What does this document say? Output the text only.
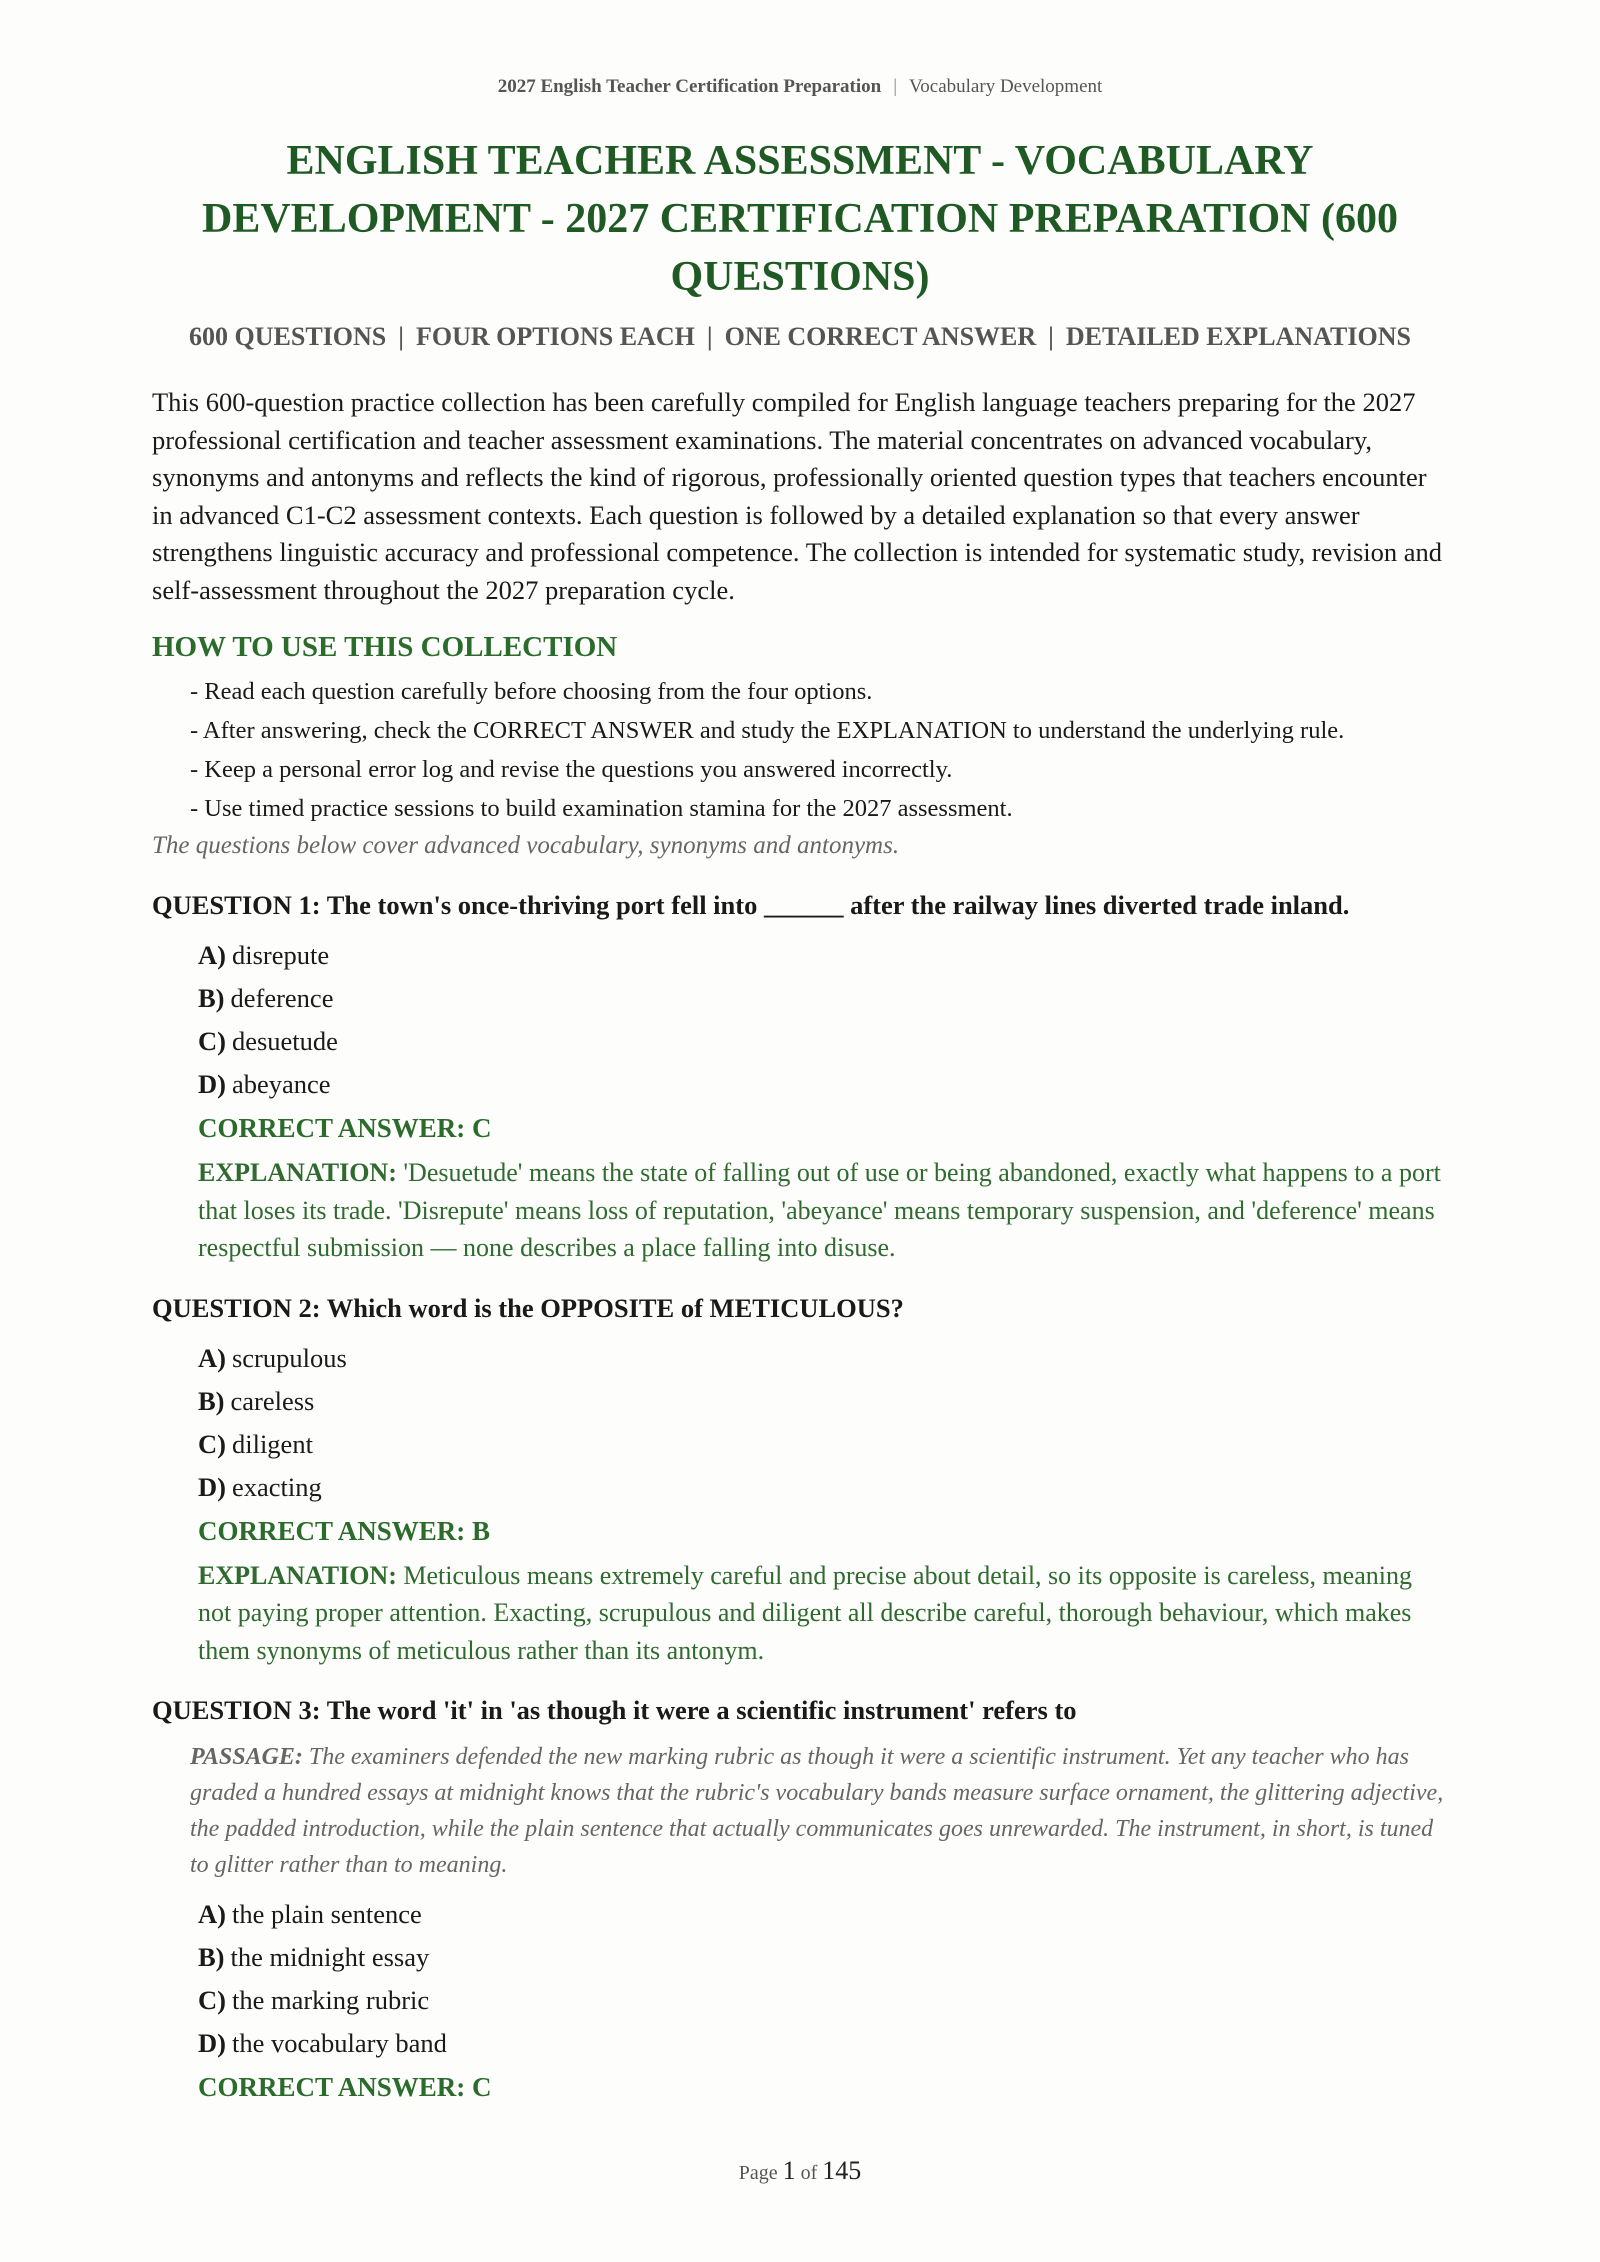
2027 English Teacher Certification Preparation | Vocabulary Development
ENGLISH TEACHER ASSESSMENT - VOCABULARY DEVELOPMENT - 2027 CERTIFICATION PREPARATION (600 QUESTIONS)
600 QUESTIONS | FOUR OPTIONS EACH | ONE CORRECT ANSWER | DETAILED EXPLANATIONS

This 600-question practice collection has been carefully compiled for English language teachers preparing for the 2027 professional certification and teacher assessment examinations. The material concentrates on advanced vocabulary, synonyms and antonyms and reflects the kind of rigorous, professionally oriented question types that teachers encounter in advanced C1-C2 assessment contexts. Each question is followed by a detailed explanation so that every answer strengthens linguistic accuracy and professional competence. The collection is intended for systematic study, revision and self-assessment throughout the 2027 preparation cycle.

HOW TO USE THIS COLLECTION
- Read each question carefully before choosing from the four options.
- After answering, check the CORRECT ANSWER and study the EXPLANATION to understand the underlying rule.
- Keep a personal error log and revise the questions you answered incorrectly.
- Use timed practice sessions to build examination stamina for the 2027 assessment.

The questions below cover advanced vocabulary, synonyms and antonyms.

QUESTION 1: The town's once-thriving port fell into ______ after the railway lines diverted trade inland.

A) disrepute
B) deference
C) desuetude
D) abeyance

CORRECT ANSWER: C

EXPLANATION: 'Desuetude' means the state of falling out of use or being abandoned, exactly what happens to a port that loses its trade. 'Disrepute' means loss of reputation, 'abeyance' means temporary suspension, and 'deference' means respectful submission — none describes a place falling into disuse.

QUESTION 2: Which word is the OPPOSITE of METICULOUS?

A) scrupulous
B) careless
C) diligent
D) exacting

CORRECT ANSWER: B

EXPLANATION: Meticulous means extremely careful and precise about detail, so its opposite is careless, meaning not paying proper attention. Exacting, scrupulous and diligent all describe careful, thorough behaviour, which makes them synonyms of meticulous rather than its antonym.

QUESTION 3: The word 'it' in 'as though it were a scientific instrument' refers to

PASSAGE: The examiners defended the new marking rubric as though it were a scientific instrument. Yet any teacher who has graded a hundred essays at midnight knows that the rubric's vocabulary bands measure surface ornament, the glittering adjective, the padded introduction, while the plain sentence that actually communicates goes unrewarded. The instrument, in short, is tuned to glitter rather than to meaning.

A) the plain sentence
B) the midnight essay
C) the marking rubric
D) the vocabulary band

CORRECT ANSWER: C

Page 1 of 145
